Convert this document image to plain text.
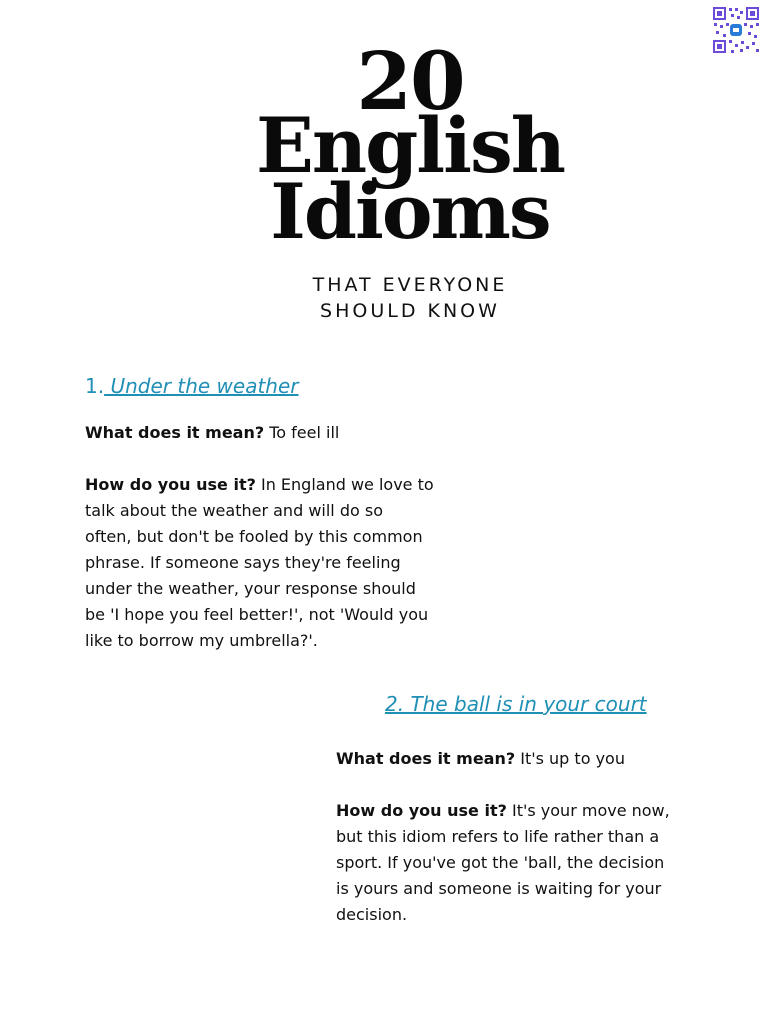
20
English
Idioms
THAT EVERYONE
SHOULD KNOW
1. Under the weather

What does it mean? To feel ill

How do you use it? In England we love to
talk about the weather and will do so
often, but don't be fooled by this common
phrase. If someone says they're feeling
under the weather, your response should
be 'I hope you feel better!', not 'Would you
like to borrow my umbrella?'.

2. The ball is in your court

What does it mean? It's up to you

How do you use it? It's your move now,
but this idiom refers to life rather than a
sport. If you've got the 'ball, the decision
is yours and someone is waiting for your
decision.
